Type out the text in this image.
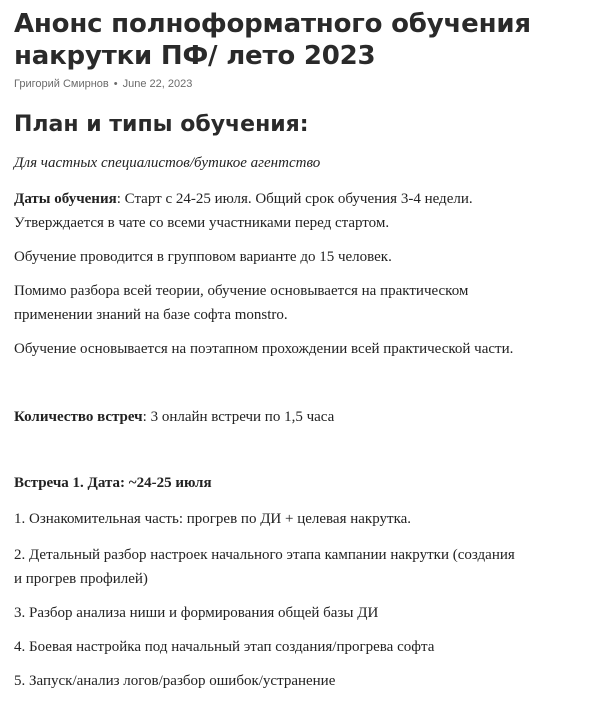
Анонс полноформатного обучения
накрутки ПФ/ лето 2023
Григорий Смирнов • June 22, 2023
План и типы обучения:

Для частных специалистов/бутикое агентство

Даты обучения: Старт с 24-25 июля. Общий срок обучения 3-4 недели.
Утверждается в чате со всеми участниками перед стартом.

Обучение проводится в групповом варианте до 15 человек.

Помимо разбора всей теории, обучение основывается на практическом
применении знаний на базе софта monstro.

Обучение основывается на поэтапном прохождении всей практической части.

Количество встреч: 3 онлайн встречи по 1,5 часа

Встреча 1. Дата: ~24-25 июля

1. Ознакомительная часть: прогрев по ДИ + целевая накрутка.

2. Детальный разбор настроек начального этапа кампании накрутки (создания
и прогрев профилей)

3. Разбор анализа ниши и формирования общей базы ДИ

4. Боевая настройка под начальный этап создания/прогрева софта

5. Запуск/анализ логов/разбор ошибок/устранение
